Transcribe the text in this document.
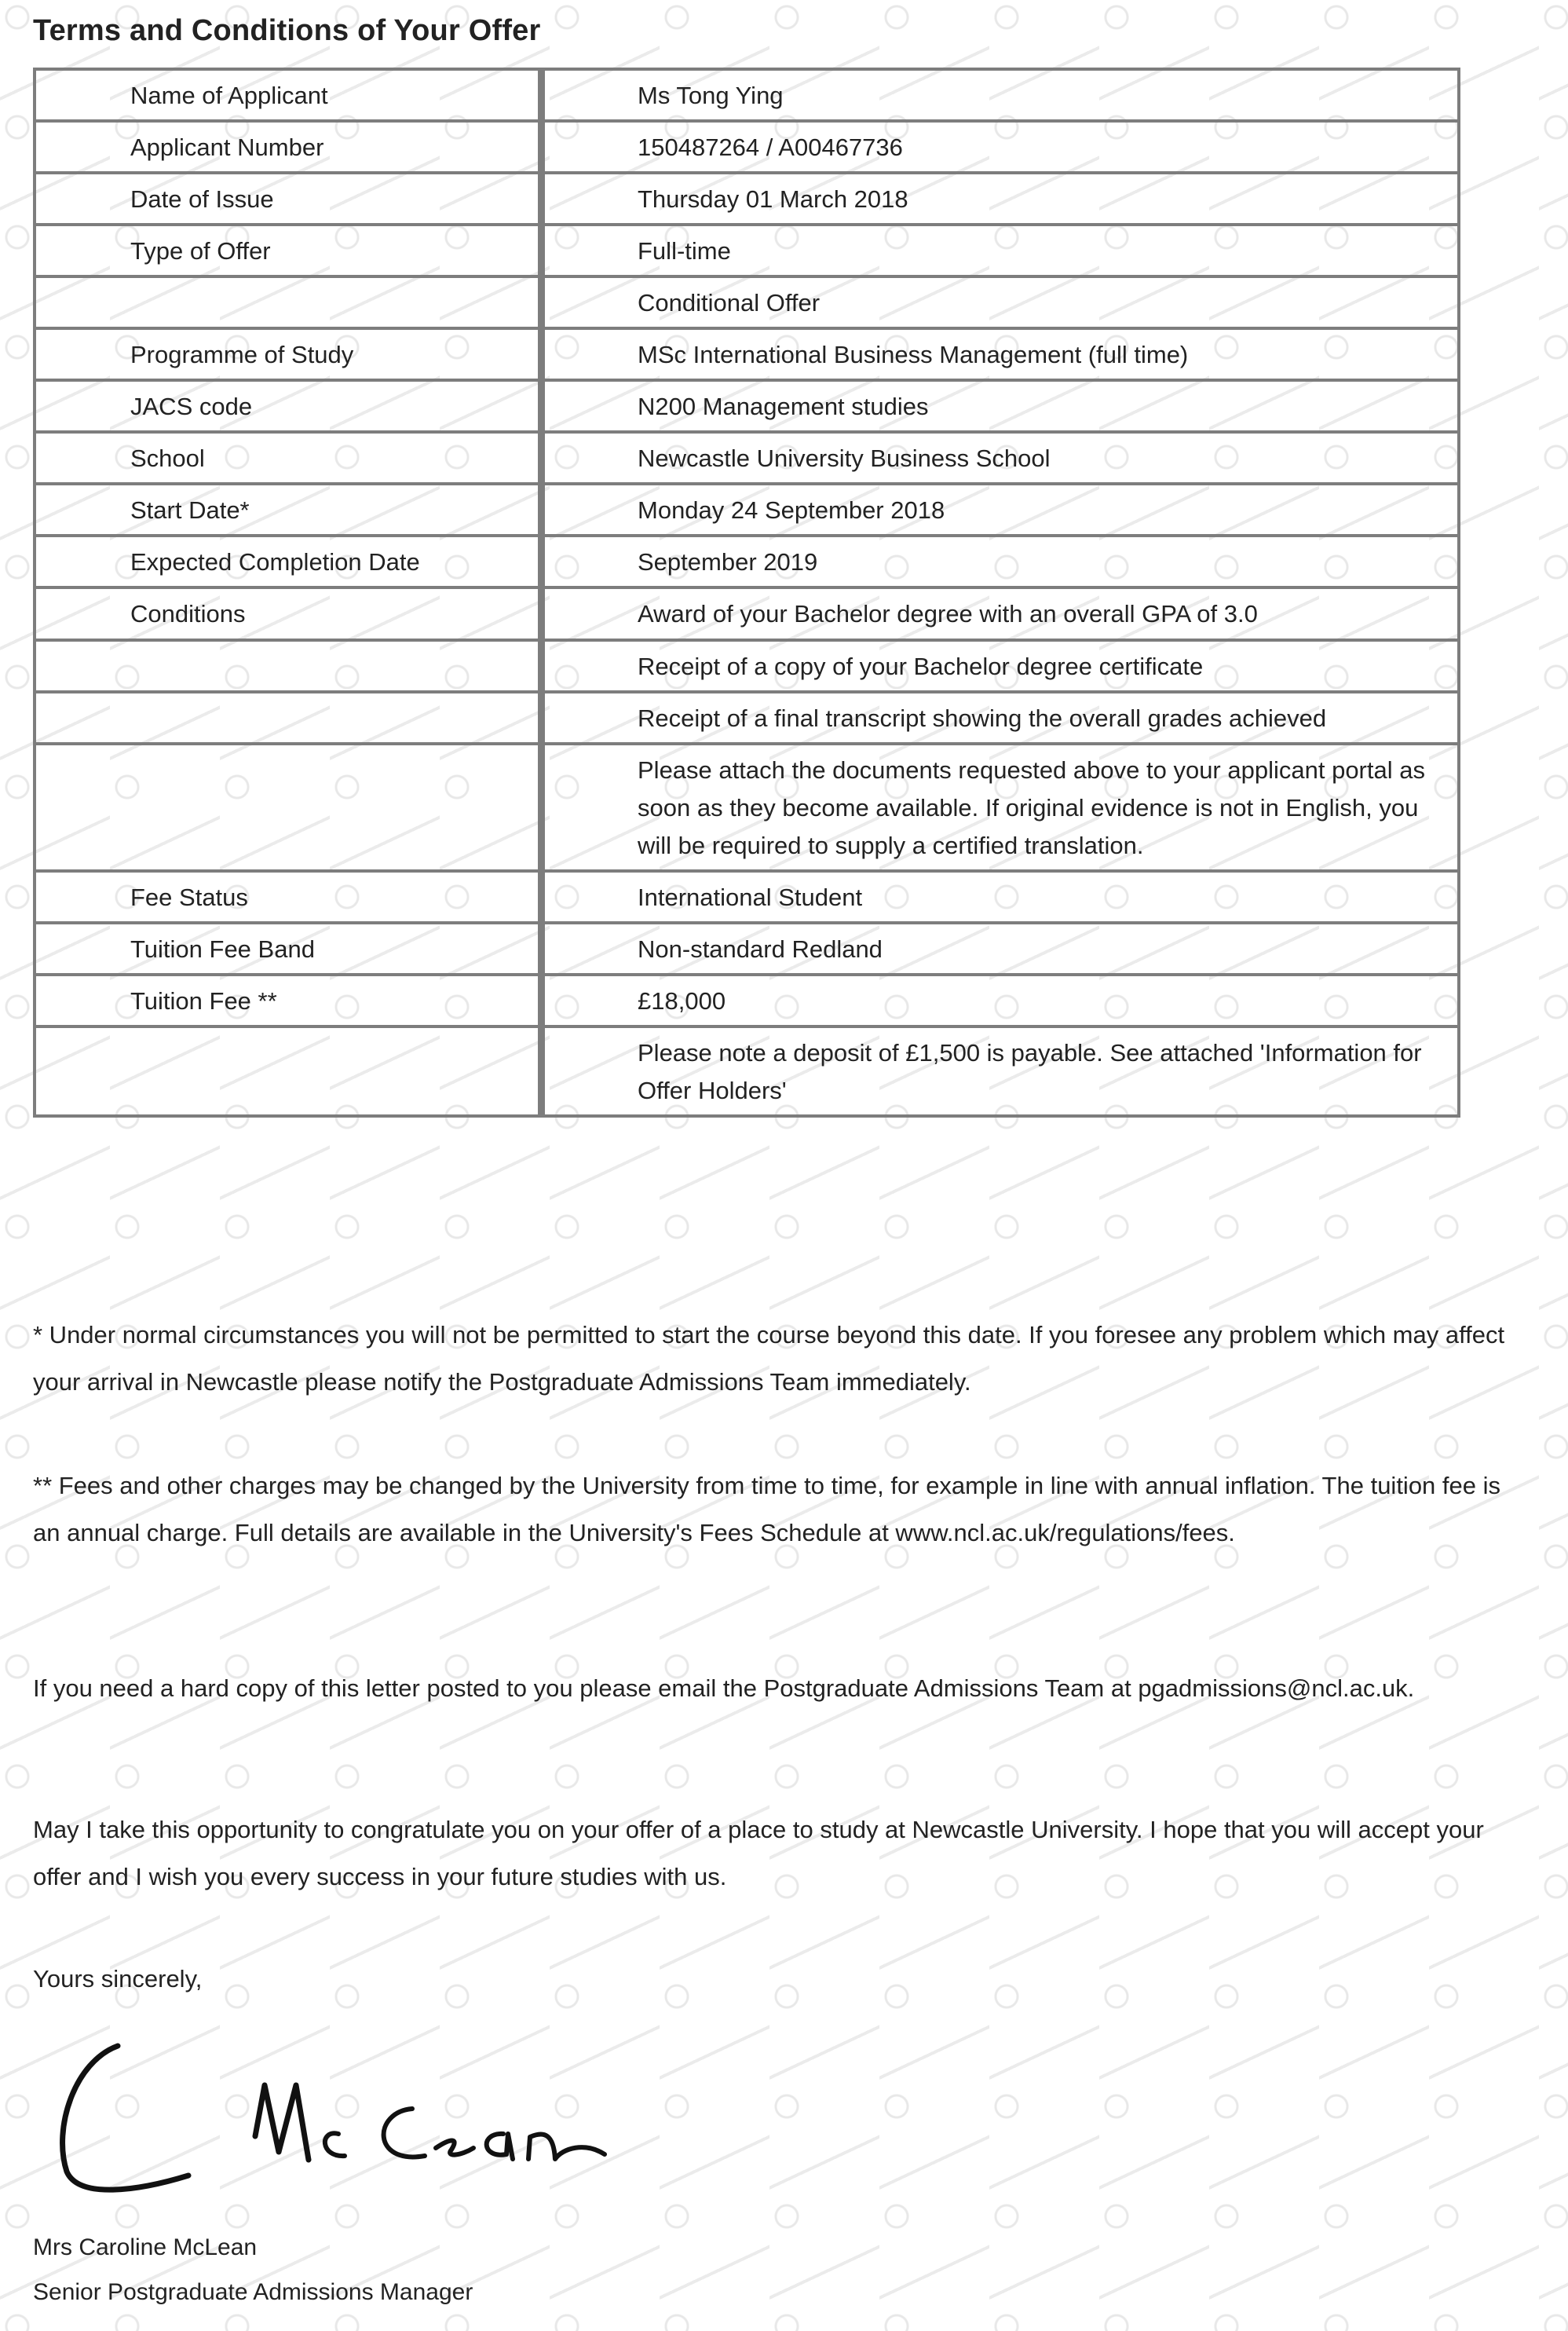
Terms and Conditions of Your Offer
Name of Applicant	Ms Tong Ying
Applicant Number	150487264 / A00467736
Date of Issue	Thursday 01 March 2018
Type of Offer	Full-time
	Conditional Offer
Programme of Study	MSc International Business Management (full time)
JACS code	N200 Management studies
School	Newcastle University Business School
Start Date*	Monday 24 September 2018
Expected Completion Date	September 2019
Conditions	Award of your Bachelor degree with an overall GPA of 3.0
	Receipt of a copy of your Bachelor degree certificate
	Receipt of a final transcript showing the overall grades achieved
	Please attach the documents requested above to your applicant portal as soon as they become available. If original evidence is not in English, you will be required to supply a certified translation.
Fee Status	International Student
Tuition Fee Band	Non-standard Redland
Tuition Fee **	£18,000
	Please note a deposit of £1,500 is payable. See attached 'Information for Offer Holders'
* Under normal circumstances you will not be permitted to start the course beyond this date. If you foresee any problem which may affect your arrival in Newcastle please notify the Postgraduate Admissions Team immediately.
** Fees and other charges may be changed by the University from time to time, for example in line with annual inflation. The tuition fee is an annual charge. Full details are available in the University's Fees Schedule at www.ncl.ac.uk/regulations/fees.
If you need a hard copy of this letter posted to you please email the Postgraduate Admissions Team at pgadmissions@ncl.ac.uk.
May I take this opportunity to congratulate you on your offer of a place to study at Newcastle University. I hope that you will accept your offer and I wish you every success in your future studies with us.
Yours sincerely,
Mrs Caroline McLean
Senior Postgraduate Admissions Manager
